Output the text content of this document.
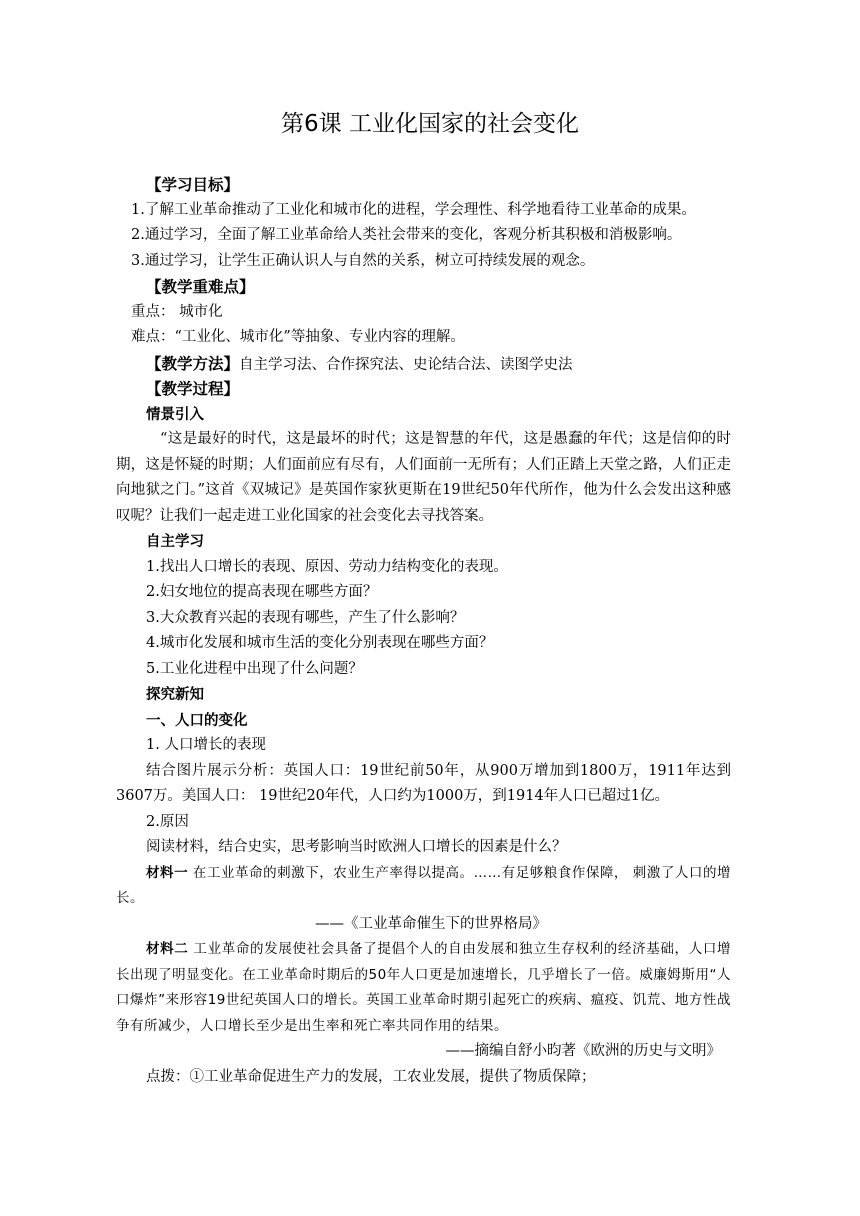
第6课 工业化国家的社会变化
【学习目标】
1.了解工业革命推动了工业化和城市化的进程，学会理性、科学地看待工业革命的成果。
2.通过学习，全面了解工业革命给人类社会带来的变化，客观分析其积极和消极影响。
3.通过学习，让学生正确认识人与自然的关系，树立可持续发展的观念。
【教学重难点】
重点： 城市化
难点：“工业化、城市化”等抽象、专业内容的理解。
【教学方法】自主学习法、合作探究法、史论结合法、读图学史法
【教学过程】
情景引入

“这是最好的时代，这是最坏的时代；这是智慧的年代，这是愚蠢的年代；这是信仰的时期，这是怀疑的时期；人们面前应有尽有，人们面前一无所有；人们正踏上天堂之路，人们正走向地狱之门。”这首《双城记》是英国作家狄更斯在19世纪50年代所作，他为什么会发出这种感叹呢？让我们一起走进工业化国家的社会变化去寻找答案。

自主学习
1.找出人口增长的表现、原因、劳动力结构变化的表现。
2.妇女地位的提高表现在哪些方面？
3.大众教育兴起的表现有哪些，产生了什么影响？
4.城市化发展和城市生活的变化分别表现在哪些方面？
5.工业化进程中出现了什么问题？
探究新知
一、人口的变化
1. 人口增长的表现

结合图片展示分析：英国人口：19世纪前50年，从900万增加到1800万，1911年达到3607万。美国人口： 19世纪20年代，人口约为1000万，到1914年人口已超过1亿。

2.原因
阅读材料，结合史实，思考影响当时欧洲人口增长的因素是什么？

材料一 在工业革命的刺激下，农业生产率得以提高。……有足够粮食作保障， 刺激了人口的增长。

——《工业革命催生下的世界格局》

材料二 工业革命的发展使社会具备了提倡个人的自由发展和独立生存权利的经济基础，人口增长出现了明显变化。在工业革命时期后的50年人口更是加速增长，几乎增长了一倍。威廉姆斯用“人口爆炸”来形容19世纪英国人口的增长。英国工业革命时期引起死亡的疾病、瘟疫、饥荒、地方性战争有所减少，人口增长至少是出生率和死亡率共同作用的结果。

——摘编自舒小昀著《欧洲的历史与文明》
点拨：①工业革命促进生产力的发展，工农业发展，提供了物质保障；
